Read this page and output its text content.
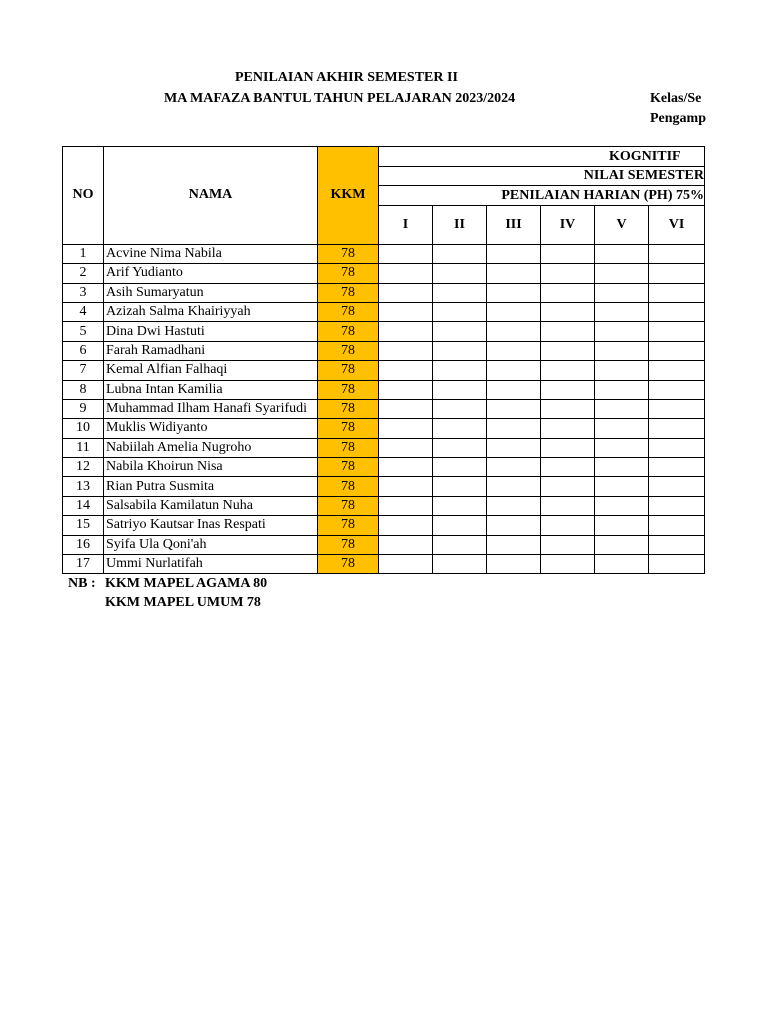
PENILAIAN AKHIR SEMESTER II
MA MAFAZA BANTUL TAHUN PELAJARAN 2023/2024	Kelas/Se
Pengamp
NO	NAMA	KKM	KOGNITIF					

			NILAI SEMESTER					
			PENILAIAN HARIAN (PH) 75%					
			I	II	III	IV	V	VI
1	Acvine Nima Nabila	78						
2	Arif Yudianto	78						
3	Asih Sumaryatun	78						
4	Azizah Salma Khairiyyah	78						
5	Dina Dwi Hastuti	78						
6	Farah Ramadhani	78						
7	Kemal Alfian Falhaqi	78						
8	Lubna Intan Kamilia	78						
9	Muhammad Ilham Hanafi Syarifudi	78						
10	Muklis Widiyanto	78						
11	Nabiilah Amelia Nugroho	78						
12	Nabila Khoirun Nisa	78						
13	Rian Putra Susmita	78						
14	Salsabila Kamilatun Nuha	78						
15	Satriyo Kautsar Inas Respati	78						
16	Syifa Ula Qoni'ah	78						
17	Ummi Nurlatifah	78						
NB : KKM MAPEL AGAMA 80
KKM MAPEL UMUM 78
